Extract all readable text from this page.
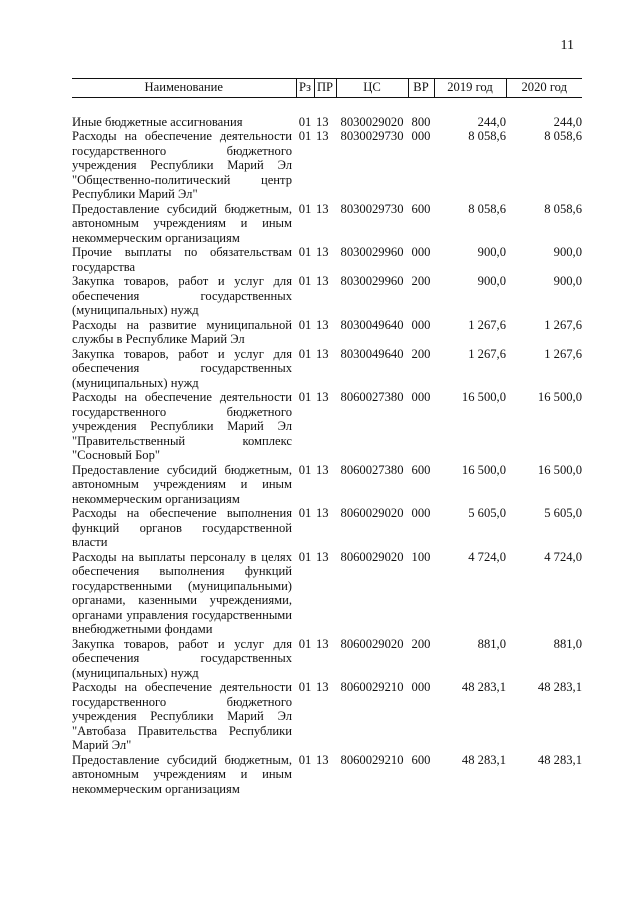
11
Наименование	Рз	ПР	ЦС	ВР	2019 год	2020 год
Иные бюджетные ассигнования	01	13	8030029020	800	244,0	244,0
Расходы на обеспечение деятельности государственного бюджетного учреждения Республики Марий Эл "Общественно-политический центр Республики Марий Эл"	01	13	8030029730	000	8 058,6	8 058,6
Предоставление субсидий бюджетным, автономным учреждениям и иным некоммерческим организациям	01	13	8030029730	600	8 058,6	8 058,6
Прочие выплаты по обязательствам государства	01	13	8030029960	000	900,0	900,0
Закупка товаров, работ и услуг для обеспечения государственных (муниципальных) нужд	01	13	8030029960	200	900,0	900,0
Расходы на развитие муниципальной службы в Республике Марий Эл	01	13	8030049640	000	1 267,6	1 267,6
Закупка товаров, работ и услуг для обеспечения государственных (муниципальных) нужд	01	13	8030049640	200	1 267,6	1 267,6
Расходы на обеспечение деятельности государственного бюджетного учреждения Республики Марий Эл "Правительственный комплекс "Сосновый Бор"	01	13	8060027380	000	16 500,0	16 500,0
Предоставление субсидий бюджетным, автономным учреждениям и иным некоммерческим организациям	01	13	8060027380	600	16 500,0	16 500,0
Расходы на обеспечение выполнения функций органов государственной власти	01	13	8060029020	000	5 605,0	5 605,0
Расходы на выплаты персоналу в целях обеспечения выполнения функций государственными (муниципальными) органами, казенными учреждениями, органами управления государственными внебюджетными фондами	01	13	8060029020	100	4 724,0	4 724,0
Закупка товаров, работ и услуг для обеспечения государственных (муниципальных) нужд	01	13	8060029020	200	881,0	881,0
Расходы на обеспечение деятельности государственного бюджетного учреждения Республики Марий Эл "Автобаза Правительства Республики Марий Эл"	01	13	8060029210	000	48 283,1	48 283,1
Предоставление субсидий бюджетным, автономным учреждениям и иным некоммерческим организациям	01	13	8060029210	600	48 283,1	48 283,1
